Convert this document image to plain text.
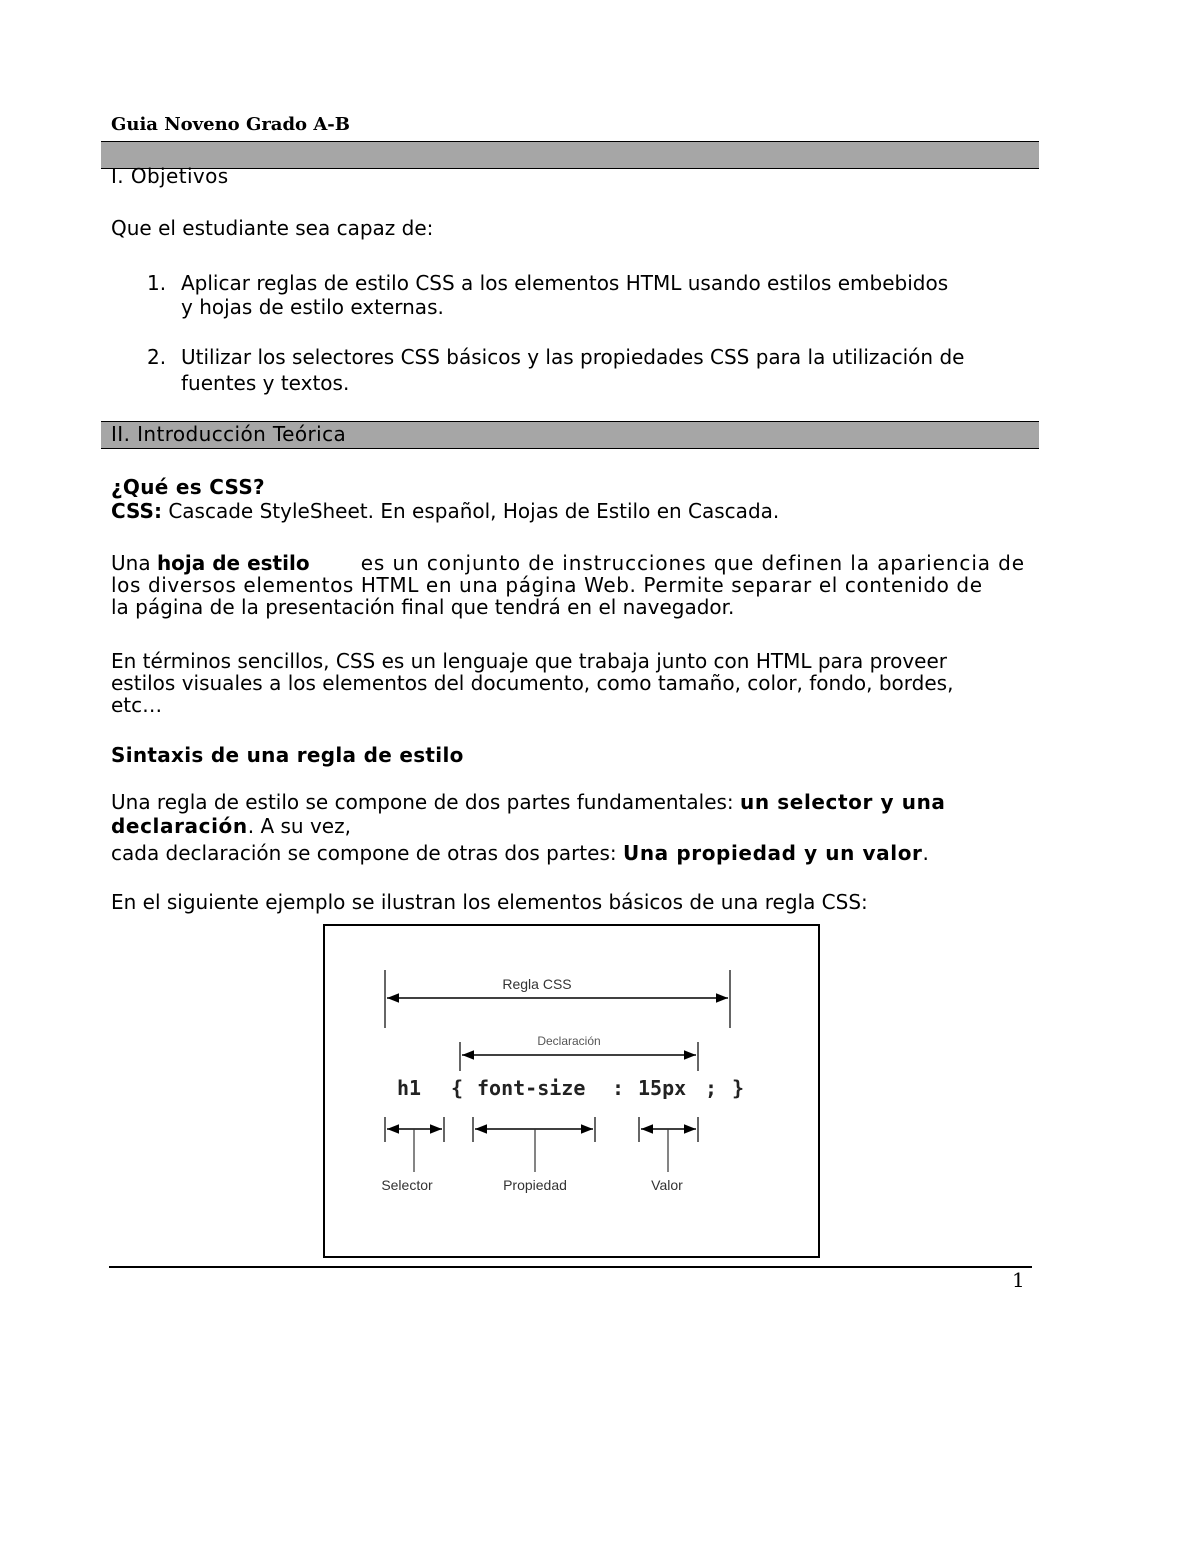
Guia Noveno Grado A-B
I. Objetivos
Que el estudiante sea capaz de:
1. Aplicar reglas de estilo CSS a los elementos HTML usando estilos embebidos
y hojas de estilo externas.
2. Utilizar los selectores CSS básicos y las propiedades CSS para la utilización de
fuentes y textos.
II. Introducción Teórica
¿Qué es CSS?
CSS: Cascade StyleSheet. En español, Hojas de Estilo en Cascada.
Una hoja de estilo	es un conjunto de instrucciones que definen la apariencia de
los diversos elementos HTML en una página Web. Permite separar el contenido de
la página de la presentación final que tendrá en el navegador.
En términos sencillos, CSS es un lenguaje que trabaja junto con HTML para proveer
estilos visuales a los elementos del documento, como tamaño, color, fondo, bordes,
etc…
Sintaxis de una regla de estilo
Una regla de estilo se compone de dos partes fundamentales: un selector y una
declaración. A su vez,
cada declaración se compone de otras dos partes: Una propiedad y un valor.
En el siguiente ejemplo se ilustran los elementos básicos de una regla CSS:
Regla CSS
Declaración
h1 { font-size : 15px ; }
Selector	Propiedad	Valor
1
